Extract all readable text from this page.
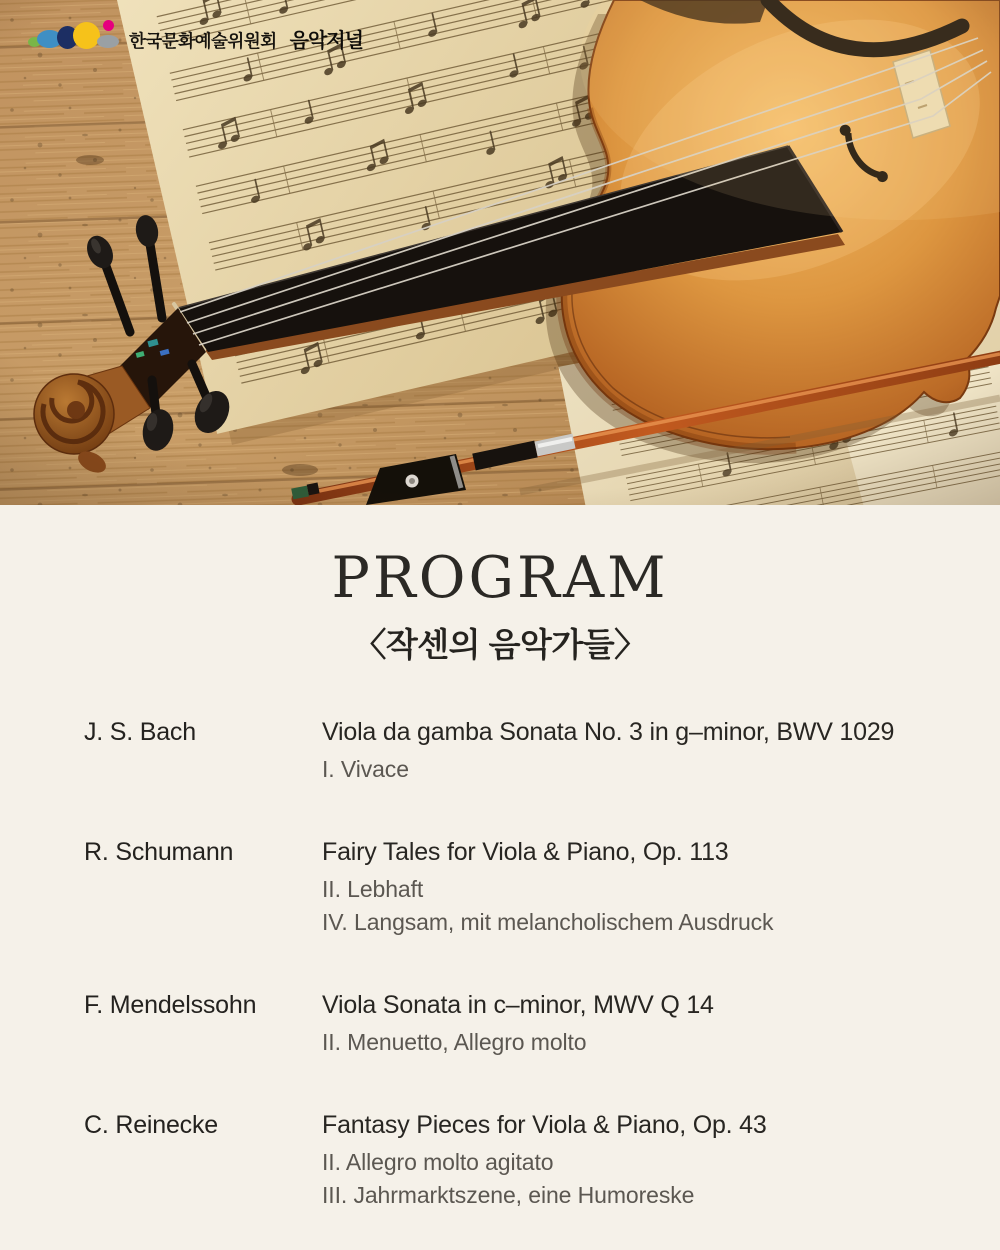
한국문화예술위원회 음악저널
PROGRAM
〈작센의 음악가들〉
J. S. Bach	Viola da gamba Sonata No. 3 in g–minor, BWV 1029
I. Vivace
R. Schumann	Fairy Tales for Viola & Piano, Op. 113
II. Lebhaft
IV. Langsam, mit melancholischem Ausdruck
F. Mendelssohn	Viola Sonata in c–minor, MWV Q 14
II. Menuetto, Allegro molto
C. Reinecke	Fantasy Pieces for Viola & Piano, Op. 43
II. Allegro molto agitato
III. Jahrmarktszene, eine Humoreske
